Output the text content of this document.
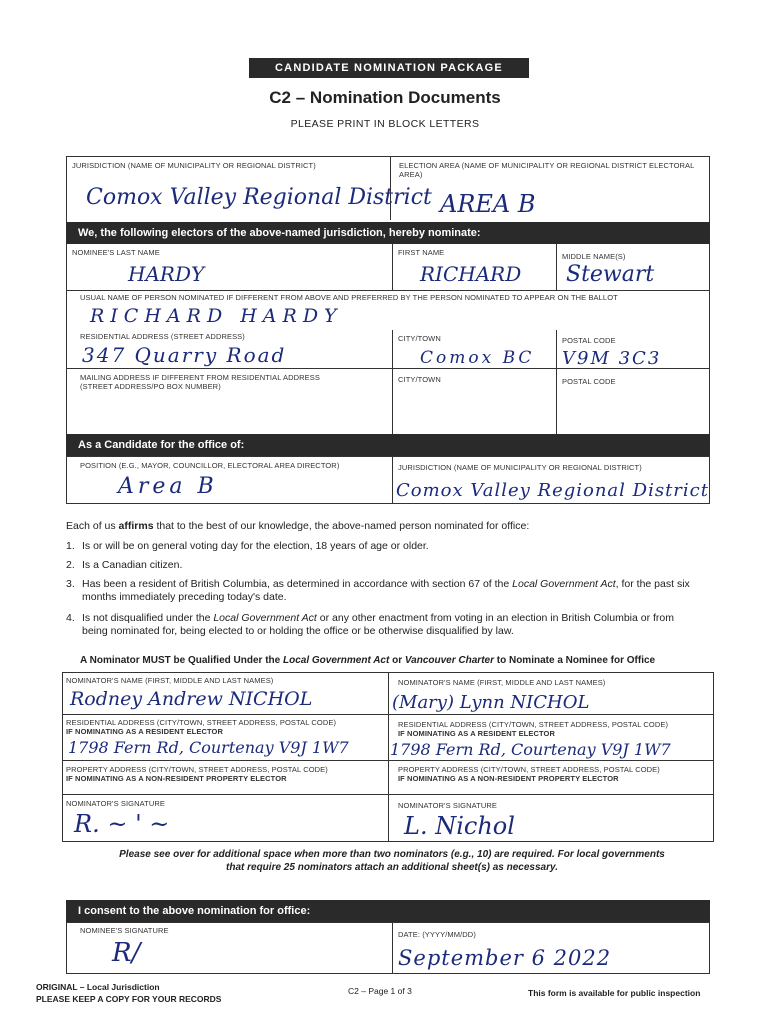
CANDIDATE NOMINATION PACKAGE
C2 – Nomination Documents
PLEASE PRINT IN BLOCK LETTERS
JURISDICTION (NAME OF MUNICIPALITY OR REGIONAL DISTRICT)
Comox Valley Regional District
ELECTION AREA (NAME OF MUNICIPALITY OR REGIONAL DISTRICT ELECTORAL AREA)
AREA B
We, the following electors of the above-named jurisdiction, hereby nominate:
NOMINEE'S LAST NAME
HARDY
FIRST NAME
RICHARD
MIDDLE NAME(S)
Stewart
USUAL NAME OF PERSON NOMINATED IF DIFFERENT FROM ABOVE AND PREFERRED BY THE PERSON NOMINATED TO APPEAR ON THE BALLOT
RICHARD HARDY
RESIDENTIAL ADDRESS (STREET ADDRESS)
347 Quarry Road
CITY/TOWN
Comox BC
POSTAL CODE
V9M 3C3
MAILING ADDRESS IF DIFFERENT FROM RESIDENTIAL ADDRESS
(STREET ADDRESS/PO BOX NUMBER)
CITY/TOWN	POSTAL CODE
As a Candidate for the office of:
POSITION (E.G., MAYOR, COUNCILLOR, ELECTORAL AREA DIRECTOR)
Area B
JURISDICTION (NAME OF MUNICIPALITY OR REGIONAL DISTRICT)
Comox Valley Regional District
Each of us affirms that to the best of our knowledge, the above-named person nominated for office:
1. Is or will be on general voting day for the election, 18 years of age or older.
2. Is a Canadian citizen.
3. Has been a resident of British Columbia, as determined in accordance with section 67 of the Local Government Act, for the past six months immediately preceding today's date.
4. Is not disqualified under the Local Government Act or any other enactment from voting in an election in British Columbia or from being nominated for, being elected to or holding the office or be otherwise disqualified by law.
A Nominator MUST be Qualified Under the Local Government Act or Vancouver Charter to Nominate a Nominee for Office
NOMINATOR'S NAME (FIRST, MIDDLE AND LAST NAMES)
Rodney Andrew NICHOL
RESIDENTIAL ADDRESS (CITY/TOWN, STREET ADDRESS, POSTAL CODE)
IF NOMINATING AS A RESIDENT ELECTOR
1798 Fern Rd, Courtenay V9J 1W7
PROPERTY ADDRESS (CITY/TOWN, STREET ADDRESS, POSTAL CODE)
IF NOMINATING AS A NON-RESIDENT PROPERTY ELECTOR
NOMINATOR'S SIGNATURE
R. ~ ' ~
NOMINATOR'S NAME (FIRST, MIDDLE AND LAST NAMES)
(Mary) Lynn NICHOL
RESIDENTIAL ADDRESS (CITY/TOWN, STREET ADDRESS, POSTAL CODE)
IF NOMINATING AS A RESIDENT ELECTOR
1798 Fern Rd, Courtenay V9J 1W7
PROPERTY ADDRESS (CITY/TOWN, STREET ADDRESS, POSTAL CODE)
IF NOMINATING AS A NON-RESIDENT PROPERTY ELECTOR
NOMINATOR'S SIGNATURE
L. Nichol
Please see over for additional space when more than two nominators (e.g., 10) are required. For local governments that require 25 nominators attach an additional sheet(s) as necessary.
I consent to the above nomination for office:
NOMINEE'S SIGNATURE
R/
DATE: (YYYY/MM/DD)
September 6 2022
ORIGINAL – Local Jurisdiction
PLEASE KEEP A COPY FOR YOUR RECORDS
C2 – Page 1 of 3	This form is available for public inspection
